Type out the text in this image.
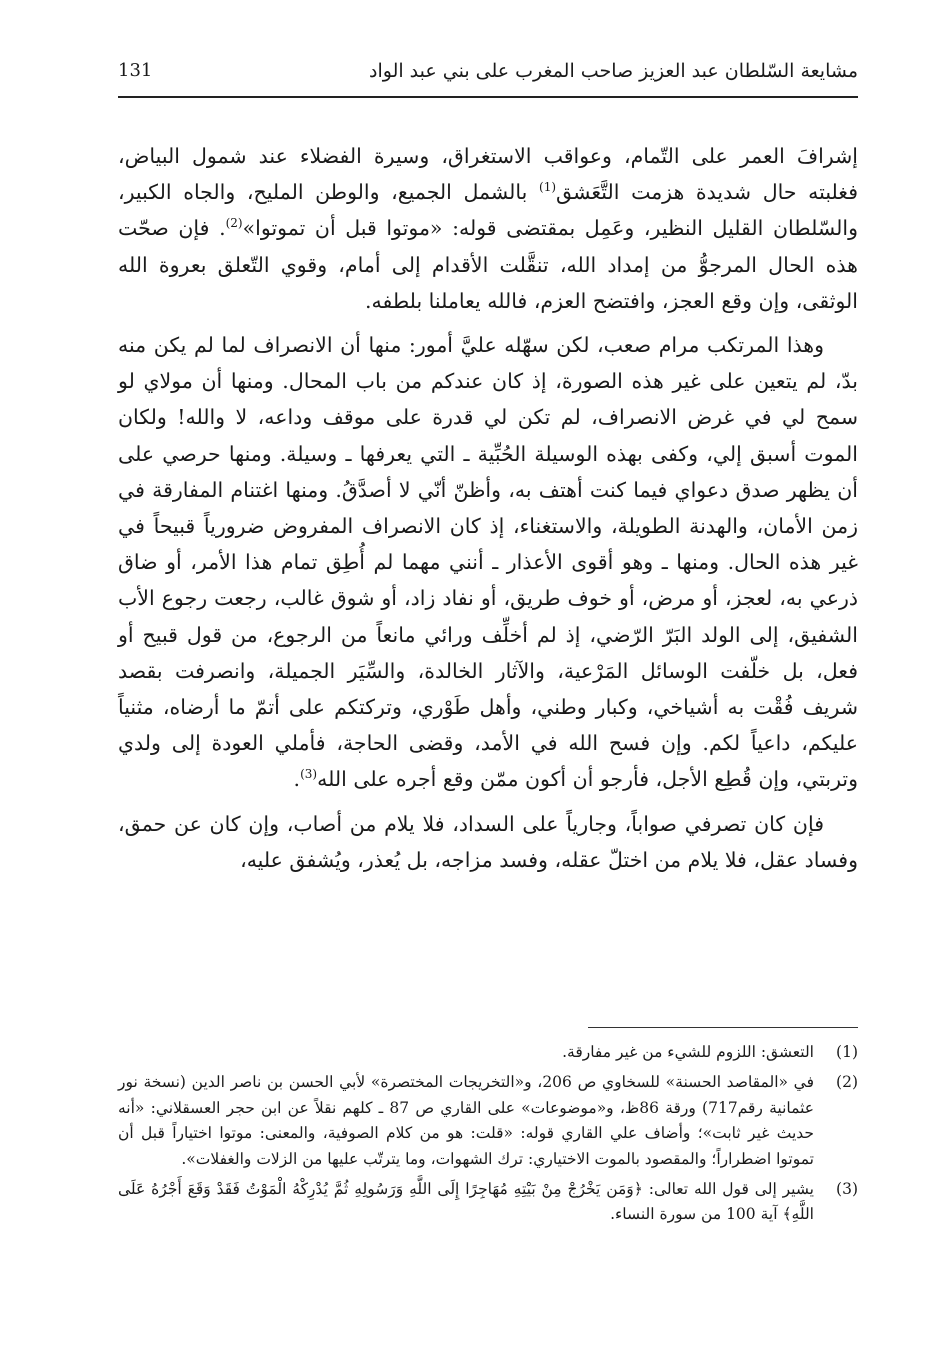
مشايعة السّلطان عبد العزيز صاحب المغرب على بني عبد الواد
131

إشرافَ العمر على التّمام، وعواقب الاستغراق، وسيرة الفضلاء عند شمول البياض، فغلبته حال شديدة هزمت التَّعَشق$^{(1)}$ بالشمل الجميع، والوطن المليح، والجاه الكبير، والسّلطان القليل النظير، وعَمِل بمقتضى قوله: «موتوا قبل أن تموتوا»$^{(2)}$. فإن صحّت هذه الحال المرجوُّ من إمداد الله، تنقَّلت الأقدام إلى أمام، وقوي التّعلق بعروة الله الوثقى، وإن وقع العجز، وافتضح العزم، فالله يعاملنا بلطفه.

وهذا المرتكب مرام صعب، لكن سهّله عليَّ أمور: منها أن الانصراف لما لم يكن منه بدّ، لم يتعين على غير هذه الصورة، إذ كان عندكم من باب المحال. ومنها أن مولاي لو سمح لي في غرض الانصراف، لم تكن لي قدرة على موقف وداعه، لا والله! ولكان الموت أسبق إلي، وكفى بهذه الوسيلة الحُبِّية ـ التي يعرفها ـ وسيلة. ومنها حرصي على أن يظهر صدق دعواي فيما كنت أهتف به، وأظنّ أنّي لا أصدَّقُ. ومنها اغتنام المفارقة في زمن الأمان، والهدنة الطويلة، والاستغناء، إذ كان الانصراف المفروض ضرورياً قبيحاً في غير هذه الحال. ومنها ـ وهو أقوى الأعذار ـ أنني مهما لم أُطِق تمام هذا الأمر، أو ضاق ذرعي به، لعجز، أو مرض، أو خوف طريق، أو نفاد زاد، أو شوق غالب، رجعت رجوع الأب الشفيق، إلى الولد البَرّ الرّضي، إذ لم أخلِّف ورائي مانعاً من الرجوع، من قول قبيح أو فعل، بل خلّفت الوسائل المَرْعية، والآثار الخالدة، والسِّيَر الجميلة، وانصرفت بقصد شريف فُقْت به أشياخي، وكبار وطني، وأهل طَوْري، وتركتكم على أتمّ ما أرضاه، مثنياً عليكم، داعياً لكم. وإن فسح الله في الأمد، وقضى الحاجة، فأملي العودة إلى ولدي وتربتي، وإن قُطِع الأجل، فأرجو أن أكون ممّن وقع أجره على الله$^{(3)}$.

فإن كان تصرفي صواباً، وجارياً على السداد، فلا يلام من أصاب، وإن كان عن حمق، وفساد عقل، فلا يلام من اختلّ عقله، وفسد مزاجه، بل يُعذر، ويُشفق عليه،

(1)
التعشق: اللزوم للشيء من غير مفارقة.
(2)
في «المقاصد الحسنة» للسخاوي ص 206، و«التخريجات المختصرة» لأبي الحسن بن ناصر الدين (نسخة نور عثمانية رقم717) ورقة 86ظ، و«موضوعات» على القاري ص 87 ـ كلهم نقلاً عن ابن حجر العسقلاني: «أنه حديث غير ثابت»؛ وأضاف علي القاري قوله: «قلت: هو من كلام الصوفية، والمعنى: موتوا اختياراً قبل أن تموتوا اضطراراً؛ والمقصود بالموت الاختياري: ترك الشهوات، وما يترتّب عليها من الزلات والغفلات».
(3)
يشير إلى قول الله تعالى: ﴿وَمَن يَخْرُجْ مِنْ بَيْتِهِ مُهَاجِرًا إِلَى اللَّهِ وَرَسُولِهِ ثُمَّ يُدْرِكْهُ الْمَوْتُ فَقَدْ وَقَعَ أَجْرُهُ عَلَى اللَّهِ﴾ آية 100 من سورة النساء.
